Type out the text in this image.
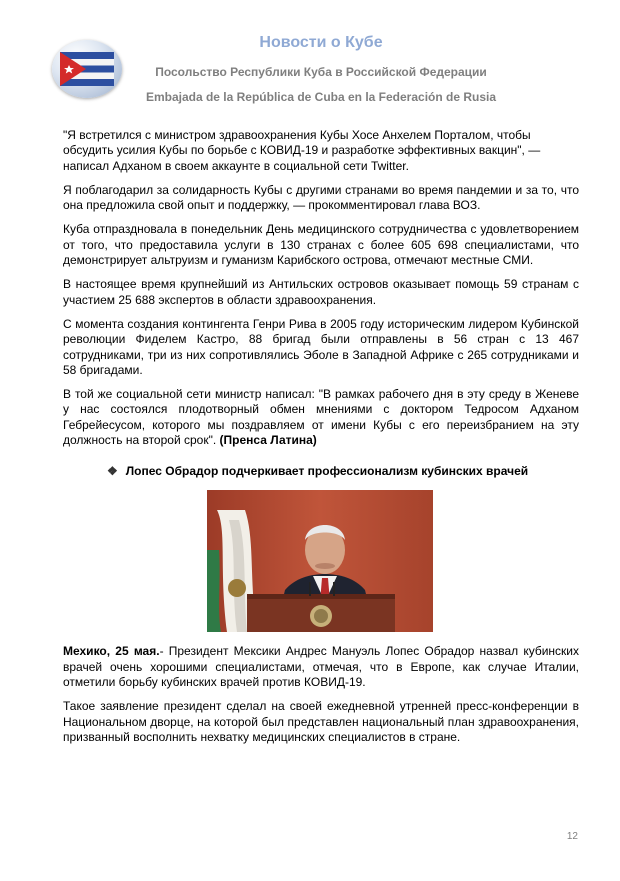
Новости о Кубе
Посольство Республики Куба в Российской Федерации
Embajada de la República de Cuba en la Federación de Rusia

"Я встретился с министром здравоохранения Кубы Хосе Анхелем Порталом, чтобы обсудить усилия Кубы по борьбе с КОВИД-19 и разработке эффективных вакцин", — написал Адханом в своем аккаунте в социальной сети Twitter.

Я поблагодарил за солидарность Кубы с другими странами во время пандемии и за то, что она предложила свой опыт и поддержку, — прокомментировал глава ВОЗ.

Куба отпраздновала в понедельник День медицинского сотрудничества с удовлетворением от того, что предоставила услуги в 130 странах с более 605 698 специалистами, что демонстрирует альтруизм и гуманизм Карибского острова, отмечают местные СМИ.

В настоящее время крупнейший из Антильских островов оказывает помощь 59 странам с участием 25 688 экспертов в области здравоохранения.

С момента создания контингента Генри Рива в 2005 году историческим лидером Кубинской революции Фиделем Кастро, 88 бригад были отправлены в 56 стран с 13 467 сотрудниками, три из них сопротивлялись Эболе в Западной Африке с 265 сотрудниками и 58 бригадами.

В той же социальной сети министр написал: "В рамках рабочего дня в эту среду в Женеве у нас состоялся плодотворный обмен мнениями с доктором Тедросом Адханом Гебрейесусом, которого мы поздравляем от имени Кубы с его переизбранием на эту должность на второй срок". (Пренса Латина)

❖ Лопес Обрадор подчеркивает профессионализм кубинских врачей

Мехико, 25 мая.- Президент Мексики Андрес Мануэль Лопес Обрадор назвал кубинских врачей очень хорошими специалистами, отмечая, что в Европе, как случае Италии, отметили борьбу кубинских врачей против КОВИД-19.

Такое заявление президент сделал на своей ежедневной утренней пресс-конференции в Национальном дворце, на которой был представлен национальный план здравоохранения, призванный восполнить нехватку медицинских специалистов в стране.

12
